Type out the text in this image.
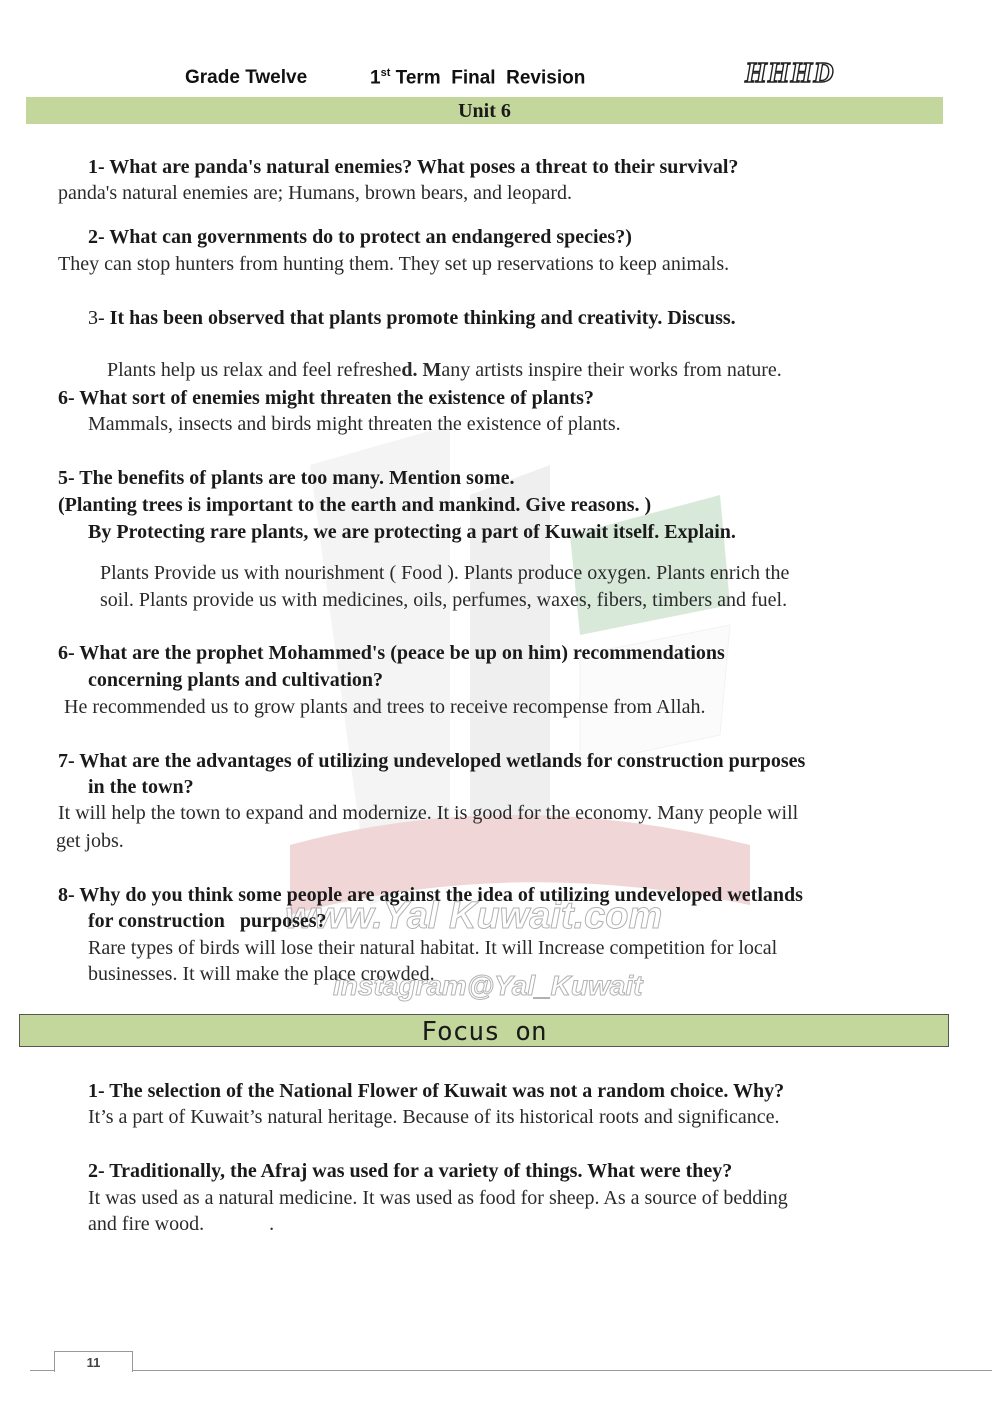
www.Yal Kuwait.com
instagram@Yal_Kuwait
Grade Twelve	1st Term  Final  Revision	HHHD
Unit 6
1- What are panda's natural enemies? What poses a threat to their survival?
panda's natural enemies are; Humans, brown bears, and leopard.
2- What can governments do to protect an endangered species?)
They can stop hunters from hunting them. They set up reservations to keep animals.
3- It has been observed that plants promote thinking and creativity. Discuss.

Plants help us relax and feel refreshed. Many artists inspire their works from nature.

6- What sort of enemies might threaten the existence of plants?
Mammals, insects and birds might threaten the existence of plants.
5- The benefits of plants are too many. Mention some.
(Planting trees is important to the earth and mankind. Give reasons. )
By Protecting rare plants, we are protecting a part of Kuwait itself. Explain.
Plants Provide us with nourishment ( Food ). Plants produce oxygen. Plants enrich the
soil. Plants provide us with medicines, oils, perfumes, waxes, fibers, timbers and fuel.
6- What are the prophet Mohammed's (peace be up on him) recommendations
concerning plants and cultivation?
He recommended us to grow plants and trees to receive recompense from Allah.
7- What are the advantages of utilizing undeveloped wetlands for construction purposes
in the town?
It will help the town to expand and modernize. It is good for the economy. Many people will
get jobs.
8- Why do you think some people are against the idea of utilizing undeveloped wetlands
for construction   purposes?
Rare types of birds will lose their natural habitat. It will Increase competition for local
businesses. It will make the place crowded.
Focus on
1- The selection of the National Flower of Kuwait was not a random choice. Why?
It’s a part of Kuwait’s natural heritage. Because of its historical roots and significance.
2- Traditionally, the Afraj was used for a variety of things. What were they?
It was used as a natural medicine. It was used as food for sheep. As a source of bedding
and fire wood.             .
11
